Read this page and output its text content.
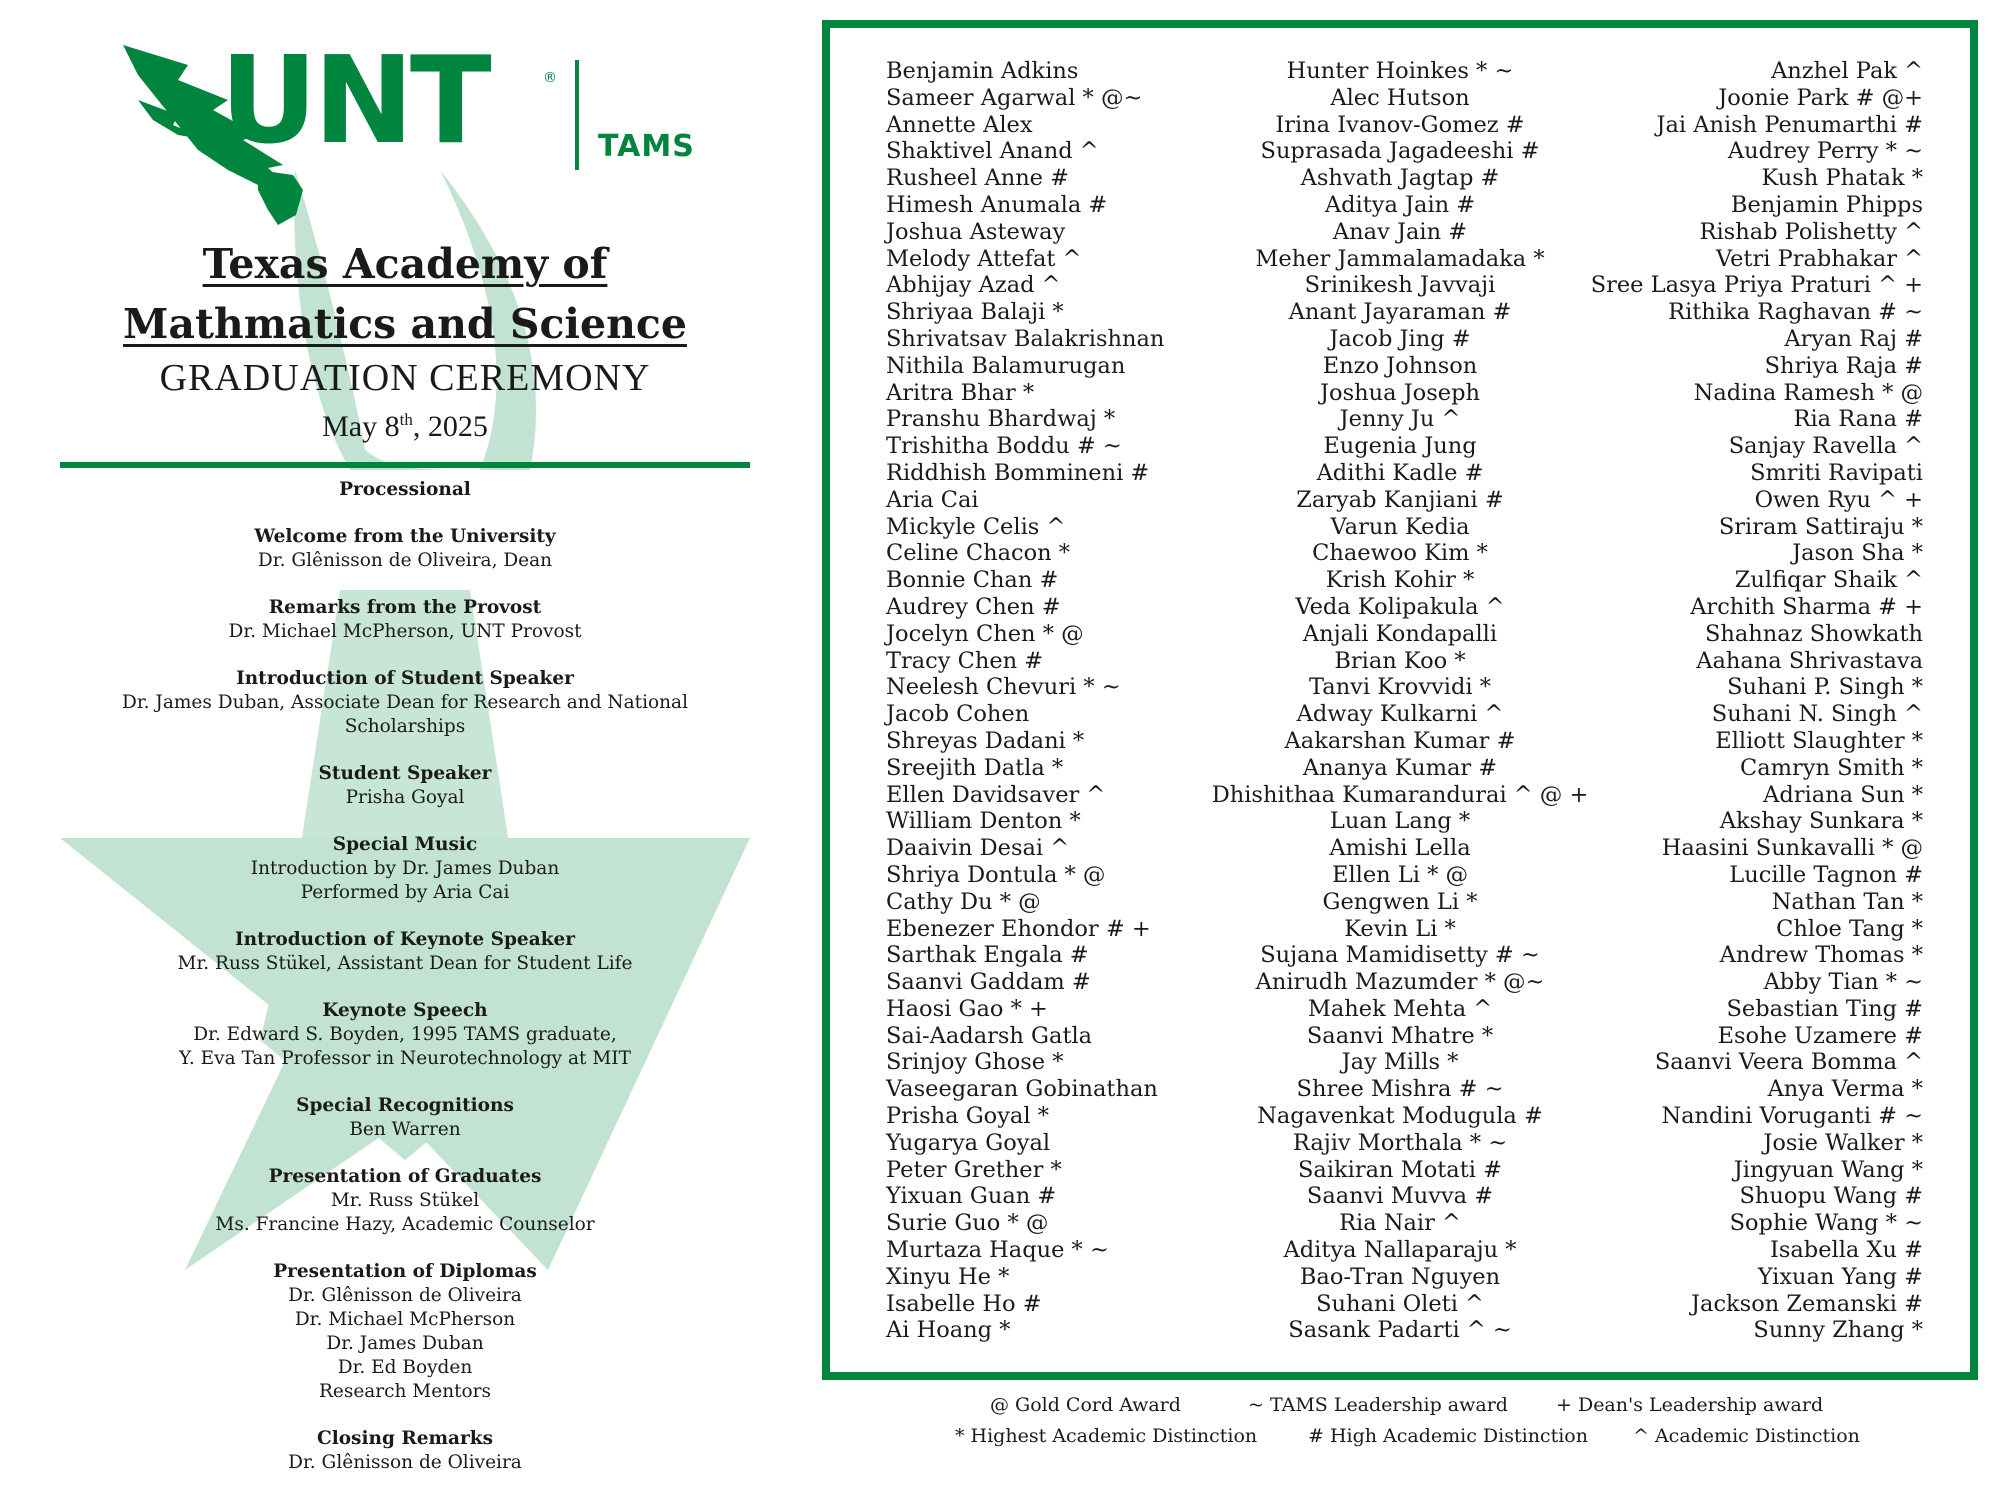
UNT	®
TAMS
Texas Academy of Mathmatics and Science
GRADUATION CEREMONY
May 8th, 2025
Processional
Welcome from the University
Dr. Glênisson de Oliveira, Dean
Remarks from the Provost
Dr. Michael McPherson, UNT Provost
Introduction of Student Speaker
Dr. James Duban, Associate Dean for Research and National Scholarships
Student Speaker
Prisha Goyal
Special Music
Introduction by Dr. James Duban
Performed by Aria Cai
Introduction of Keynote Speaker
Mr. Russ Stükel, Assistant Dean for Student Life
Keynote Speech
Dr. Edward S. Boyden, 1995 TAMS graduate,
Y. Eva Tan Professor in Neurotechnology at MIT
Special Recognitions
Ben Warren
Presentation of Graduates
Mr. Russ Stükel
Ms. Francine Hazy, Academic Counselor
Presentation of Diplomas
Dr. Glênisson de Oliveira
Dr. Michael McPherson
Dr. James Duban
Dr. Ed Boyden
Research Mentors
Closing Remarks
Dr. Glênisson de Oliveira
Benjamin Adkins
Sameer Agarwal * @~
Annette Alex
Shaktivel Anand ^
Rusheel Anne #
Himesh Anumala #
Joshua Asteway
Melody Attefat ^
Abhijay Azad ^
Shriyaa Balaji *
Shrivatsav Balakrishnan
Nithila Balamurugan
Aritra Bhar *
Pranshu Bhardwaj *
Trishitha Boddu # ~
Riddhish Bommineni #
Aria Cai
Mickyle Celis ^
Celine Chacon *
Bonnie Chan #
Audrey Chen #
Jocelyn Chen * @
Tracy Chen #
Neelesh Chevuri * ~
Jacob Cohen
Shreyas Dadani *
Sreejith Datla *
Ellen Davidsaver ^
William Denton *
Daaivin Desai ^
Shriya Dontula * @
Cathy Du * @
Ebenezer Ehondor # +
Sarthak Engala #
Saanvi Gaddam #
Haosi Gao * +
Sai-Aadarsh Gatla
Srinjoy Ghose *
Vaseegaran Gobinathan
Prisha Goyal *
Yugarya Goyal
Peter Grether *
Yixuan Guan #
Surie Guo * @
Murtaza Haque * ~
Xinyu He *
Isabelle Ho #
Ai Hoang *
Hunter Hoinkes * ~
Alec Hutson
Irina Ivanov-Gomez #
Suprasada Jagadeeshi #
Ashvath Jagtap #
Aditya Jain #
Anav Jain #
Meher Jammalamadaka *
Srinikesh Javvaji
Anant Jayaraman #
Jacob Jing #
Enzo Johnson
Joshua Joseph
Jenny Ju ^
Eugenia Jung
Adithi Kadle #
Zaryab Kanjiani #
Varun Kedia
Chaewoo Kim *
Krish Kohir *
Veda Kolipakula ^
Anjali Kondapalli
Brian Koo *
Tanvi Krovvidi *
Adway Kulkarni ^
Aakarshan Kumar #
Ananya Kumar #
Dhishithaa Kumarandurai ^ @ +
Luan Lang *
Amishi Lella
Ellen Li * @
Gengwen Li *
Kevin Li *
Sujana Mamidisetty # ~
Anirudh Mazumder * @~
Mahek Mehta ^
Saanvi Mhatre *
Jay Mills *
Shree Mishra # ~
Nagavenkat Modugula #
Rajiv Morthala * ~
Saikiran Motati #
Saanvi Muvva #
Ria Nair ^
Aditya Nallaparaju *
Bao-Tran Nguyen
Suhani Oleti ^
Sasank Padarti ^ ~
Anzhel Pak ^
Joonie Park # @+
Jai Anish Penumarthi #
Audrey Perry * ~
Kush Phatak *
Benjamin Phipps
Rishab Polishetty ^
Vetri Prabhakar ^
Sree Lasya Priya Praturi ^ +
Rithika Raghavan # ~
Aryan Raj #
Shriya Raja #
Nadina Ramesh * @
Ria Rana #
Sanjay Ravella ^
Smriti Ravipati
Owen Ryu ^ +
Sriram Sattiraju *
Jason Sha *
Zulfiqar Shaik ^
Archith Sharma # +
Shahnaz Showkath
Aahana Shrivastava
Suhani P. Singh *
Suhani N. Singh ^
Elliott Slaughter *
Camryn Smith *
Adriana Sun *
Akshay Sunkara *
Haasini Sunkavalli * @
Lucille Tagnon #
Nathan Tan *
Chloe Tang *
Andrew Thomas *
Abby Tian * ~
Sebastian Ting #
Esohe Uzamere #
Saanvi Veera Bomma ^
Anya Verma *
Nandini Voruganti # ~
Josie Walker *
Jingyuan Wang *
Shuopu Wang #
Sophie Wang * ~
Isabella Xu #
Yixuan Yang #
Jackson Zemanski #
Sunny Zhang *
@ Gold Cord Award	~ TAMS Leadership award	+ Dean's Leadership award
* Highest Academic Distinction	# High Academic Distinction ^ Academic Distinction
